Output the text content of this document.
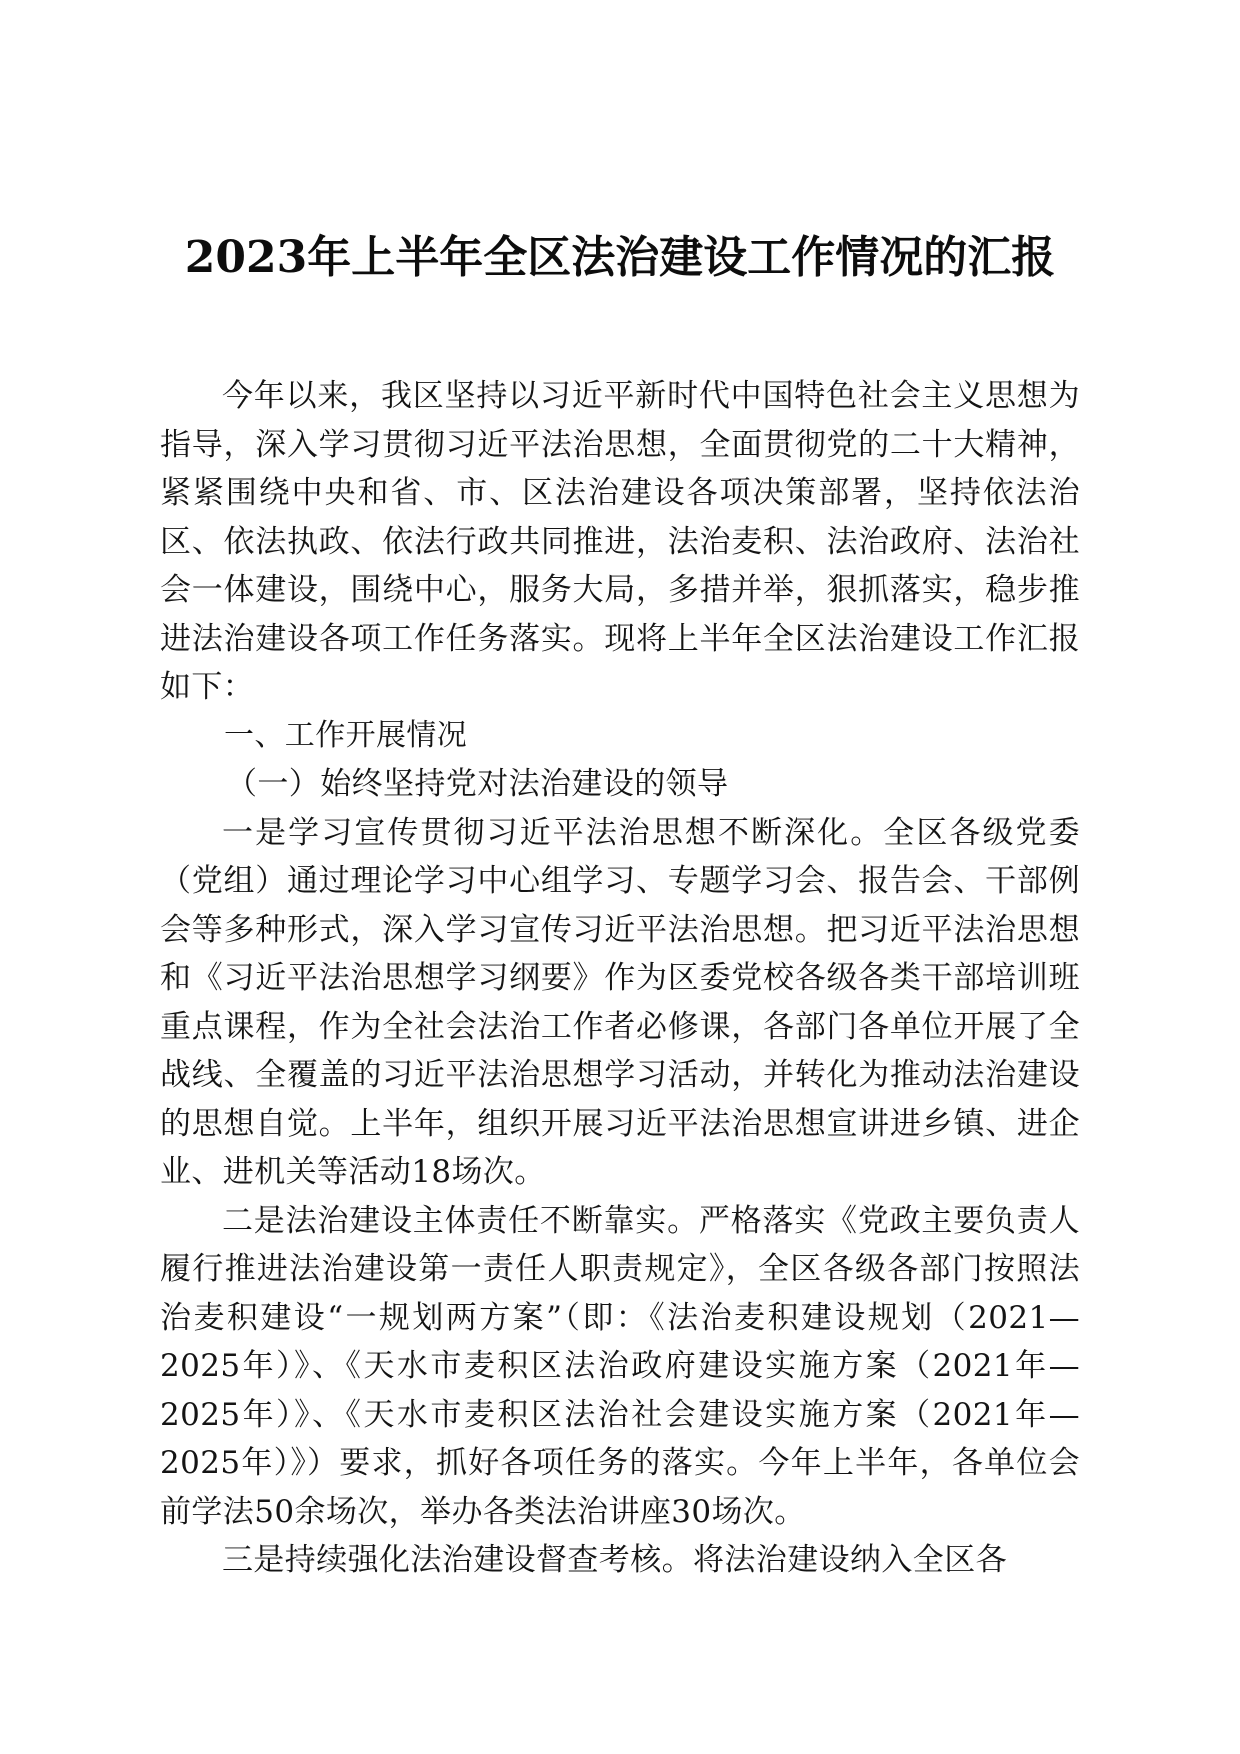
2023年上半年全区法治建设工作情况的汇报

今年以来，我区坚持以习近平新时代中国特色社会主义思想为指导，深入学习贯彻习近平法治思想，全面贯彻党的二十大精神，紧紧围绕中央和省、市、区法治建设各项决策部署，坚持依法治区、依法执政、依法行政共同推进，法治麦积、法治政府、法治社会一体建设，围绕中心，服务大局，多措并举，狠抓落实，稳步推进法治建设各项工作任务落实。现将上半年全区法治建设工作汇报如下：

一、工作开展情况

（一）始终坚持党对法治建设的领导

一是学习宣传贯彻习近平法治思想不断深化。全区各级党委（党组）通过理论学习中心组学习、专题学习会、报告会、干部例会等多种形式，深入学习宣传习近平法治思想。把习近平法治思想和《习近平法治思想学习纲要》作为区委党校各级各类干部培训班重点课程，作为全社会法治工作者必修课，各部门各单位开展了全战线、全覆盖的习近平法治思想学习活动，并转化为推动法治建设的思想自觉。上半年，组织开展习近平法治思想宣讲进乡镇、进企业、进机关等活动18场次。

二是法治建设主体责任不断靠实。严格落实《党政主要负责人履行推进法治建设第一责任人职责规定》，全区各级各部门按照法治麦积建设“一规划两方案”（即：《法治麦积建设规划（2021—2025年）》、《天水市麦积区法治政府建设实施方案（2021年—2025年）》、《天水市麦积区法治社会建设实施方案（2021年—2025年）》）要求，抓好各项任务的落实。今年上半年，各单位会前学法50余场次，举办各类法治讲座30场次。

三是持续强化法治建设督查考核。将法治建设纳入全区各
